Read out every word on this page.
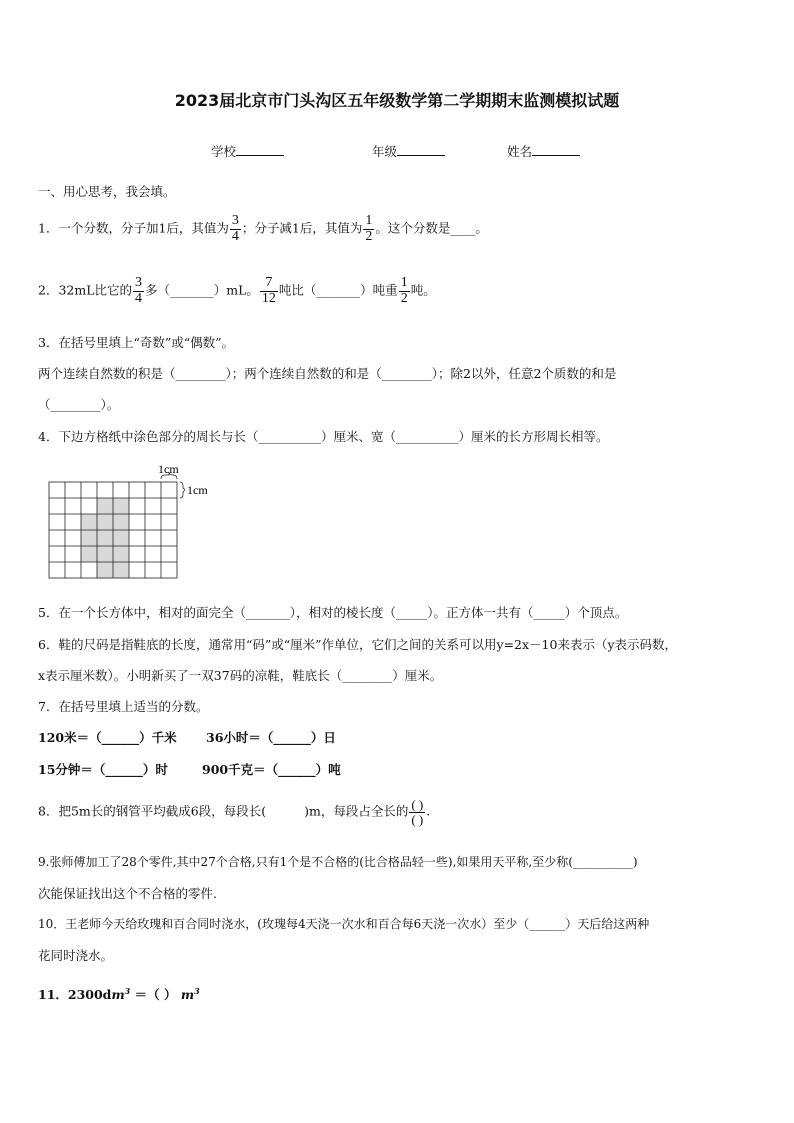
2023届北京市门头沟区五年级数学第二学期期末监测模拟试题
学校	年级	姓名
一、用心思考，我会填。
1．一个分数，分子加1后，其值为 $\frac{3}{4}$ ；分子减1后，其值为 $\frac{1}{2}$ 。这个分数是____。
2．32mL比它的 $\frac{3}{4}$ 多（_______）mL。 $\frac{7}{12}$ 吨比（_______）吨重 $\frac{1}{2}$ 吨。
3．在括号里填上“奇数”或“偶数”。
两个连续自然数的积是（________）；两个连续自然数的和是（________）；除2以外，任意2个质数的和是
（________）。
4．下边方格纸中涂色部分的周长与长（__________）厘米、宽（__________）厘米的长方形周长相等。
1cm
1cm
5．在一个长方体中，相对的面完全（_______），相对的棱长度（_____）。正方体一共有（_____）个顶点。
6．鞋的尺码是指鞋底的长度，通常用“码”或“厘米”作单位，它们之间的关系可以用y=2x－10来表示（y表示码数，
x表示厘米数）。小明新买了一双37码的凉鞋，鞋底长（________）厘米。
7．在括号里填上适当的分数。
120米＝（______）千米 36小时＝（______）日
15分钟＝（______）时	900千克＝（______）吨
8．把5m长的钢管平均截成6段，每段长(	)m，每段占全长的 $\frac{( )}{( )}$ .
9.张师傅加工了28个零件,其中27个合格,只有1个是不合格的(比合格品轻一些),如果用天平称,至少称(__________)
次能保证找出这个不合格的零件.
10．王老师今天给玫瑰和百合同时浇水，(玫瑰每4天浇一次水和百合每6天浇一次水）至少（______）天后给这两种
花同时浇水。
11．$2300dm^3$ ＝（ ） $m^3$
